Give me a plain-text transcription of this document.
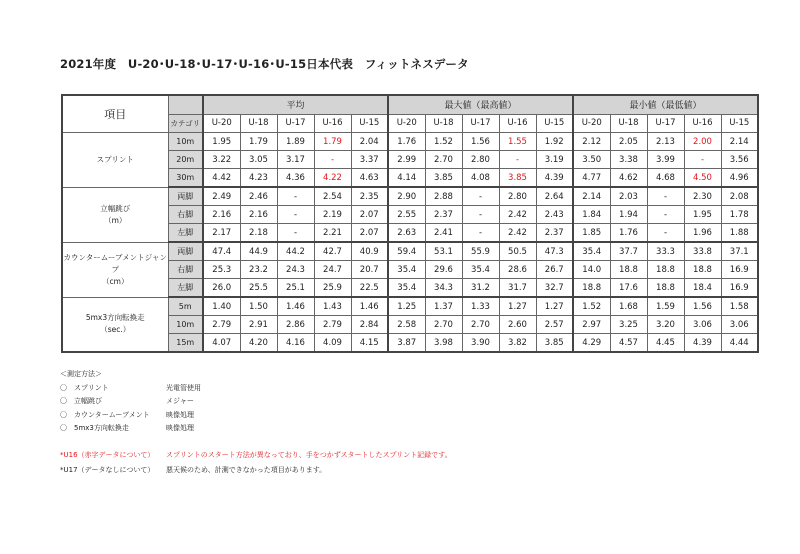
2021年度　U-20･U-18･U-17･U-16･U-15日本代表　フィットネスデータ
項目		平均					最大値（最高値）					最小値（最低値）				
	カテゴリ	U-20	U-18	U-17	U-16	U-15	U-20	U-18	U-17	U-16	U-15	U-20	U-18	U-17	U-16	U-15
スプリント	10m	1.95	1.79	1.89	1.79	2.04	1.76	1.52	1.56	1.55	1.92	2.12	2.05	2.13	2.00	2.14
	20m	3.22	3.05	3.17	-	3.37	2.99	2.70	2.80	-	3.19	3.50	3.38	3.99	-	3.56
	30m	4.42	4.23	4.36	4.22	4.63	4.14	3.85	4.08	3.85	4.39	4.77	4.62	4.68	4.50	4.96
立幅跳び
（m）	両脚	2.49	2.46	-	2.54	2.35	2.90	2.88	-	2.80	2.64	2.14	2.03	-	2.30	2.08
	右脚	2.16	2.16	-	2.19	2.07	2.55	2.37	-	2.42	2.43	1.84	1.94	-	1.95	1.78
	左脚	2.17	2.18	-	2.21	2.07	2.63	2.41	-	2.42	2.37	1.85	1.76	-	1.96	1.88
カウンタームーブメントジャンプ
（cm）	両脚	47.4	44.9	44.2	42.7	40.9	59.4	53.1	55.9	50.5	47.3	35.4	37.7	33.3	33.8	37.1
	右脚	25.3	23.2	24.3	24.7	20.7	35.4	29.6	35.4	28.6	26.7	14.0	18.8	18.8	18.8	16.9
	左脚	26.0	25.5	25.1	25.9	22.5	35.4	34.3	31.2	31.7	32.7	18.8	17.6	18.8	18.4	16.9
5mx3方向転換走
（sec.）	5m	1.40	1.50	1.46	1.43	1.46	1.25	1.37	1.33	1.27	1.27	1.52	1.68	1.59	1.56	1.58
	10m	2.79	2.91	2.86	2.79	2.84	2.58	2.70	2.70	2.60	2.57	2.97	3.25	3.20	3.06	3.06
	15m	4.07	4.20	4.16	4.09	4.15	3.87	3.98	3.90	3.82	3.85	4.29	4.57	4.45	4.39	4.44
＜測定方法＞
〇　スプリント	光電管使用
〇　立幅跳び	メジャー
〇　カウンタームーブメント 映像処理
〇　5mx3方向転換走	映像処理
*U16（赤字データについて） スプリントのスタート方法が異なっており、手をつかずスタートしたスプリント記録です。
*U17（データなしについて） 悪天候のため、計測できなかった項目があります。
